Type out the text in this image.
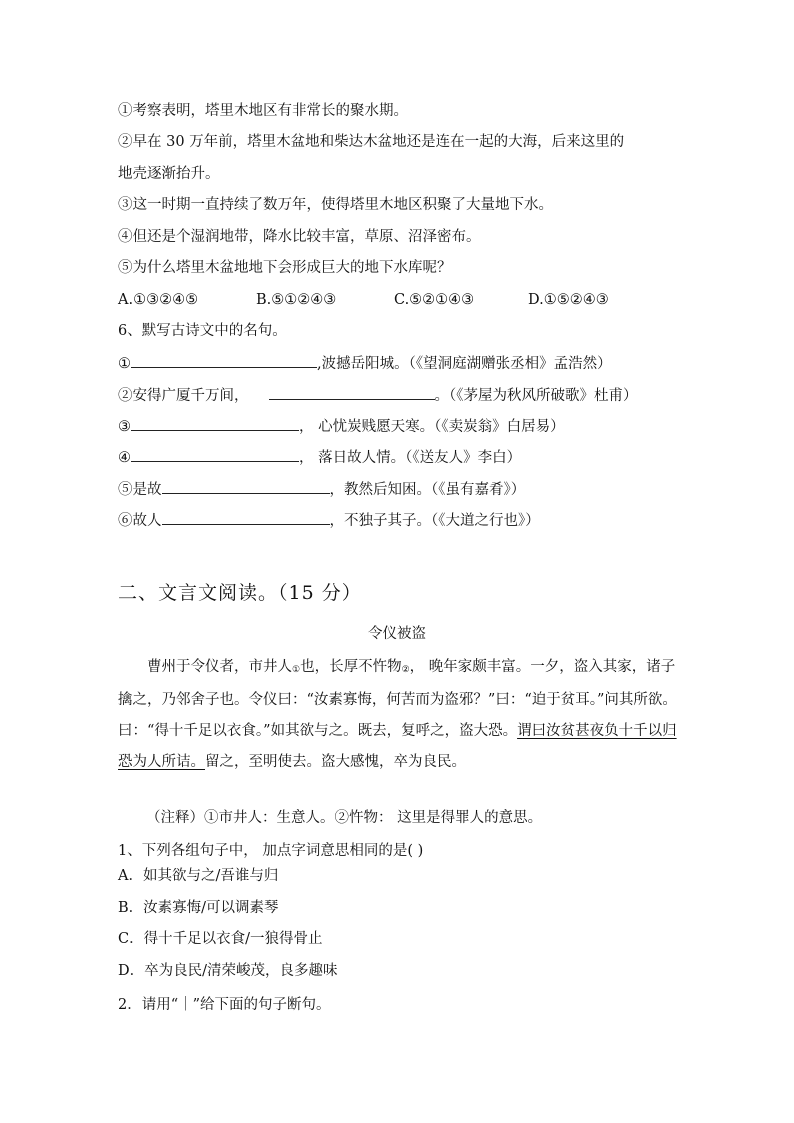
①考察表明，塔里木地区有非常长的聚水期。
②早在 30 万年前，塔里木盆地和柴达木盆地还是连在一起的大海，后来这里的
地壳逐渐抬升。
③这一时期一直持续了数万年，使得塔里木地区积聚了大量地下水。
④但还是个湿润地带，降水比较丰富，草原、沼泽密布。
⑤为什么塔里木盆地地下会形成巨大的地下水库呢？
A.①③②④⑤	B.⑤①②④③	C.⑤②①④③	D.①⑤②④③
6、默写古诗文中的名句。
①	,波撼岳阳城。（《望洞庭湖赠张丞相》孟浩然）
②安得广厦千万间，	。（《茅屋为秋风所破歌》杜甫）
③	， 心忧炭贱愿天寒。（《卖炭翁》白居易）
④	， 落日故人情。（《送友人》李白）
⑤是故	，教然后知困。（《虽有嘉肴》）
⑥故人	，不独子其子。（《大道之行也》）
二、文言文阅读。（15 分）
令仪被盗
曹州于令仪者，市井人①也，长厚不忤物②， 晚年家颇丰富。一夕，盗入其家，诸子擒之，乃邻舍子也。令仪曰：“汝素寡悔，何苦而为盗邪？”曰：“迫于贫耳。”问其所欲。曰：“得十千足以衣食。”如其欲与之。既去，复呼之，盗大恐。谓曰汝贫甚夜负十千以归恐为人所诘。留之，至明使去。盗大感愧，卒为良民。
（注释）①市井人：生意人。②忤物： 这里是得罪人的意思。
1、下列各组句子中， 加点字词意思相同的是( )
A．如其欲与之/吾谁与归
B．汝素寡悔/可以调素琴
C．得十千足以衣食/一狼得骨止
D．卒为良民/清荣峻茂，良多趣味
2．请用“｜”给下面的句子断句。
